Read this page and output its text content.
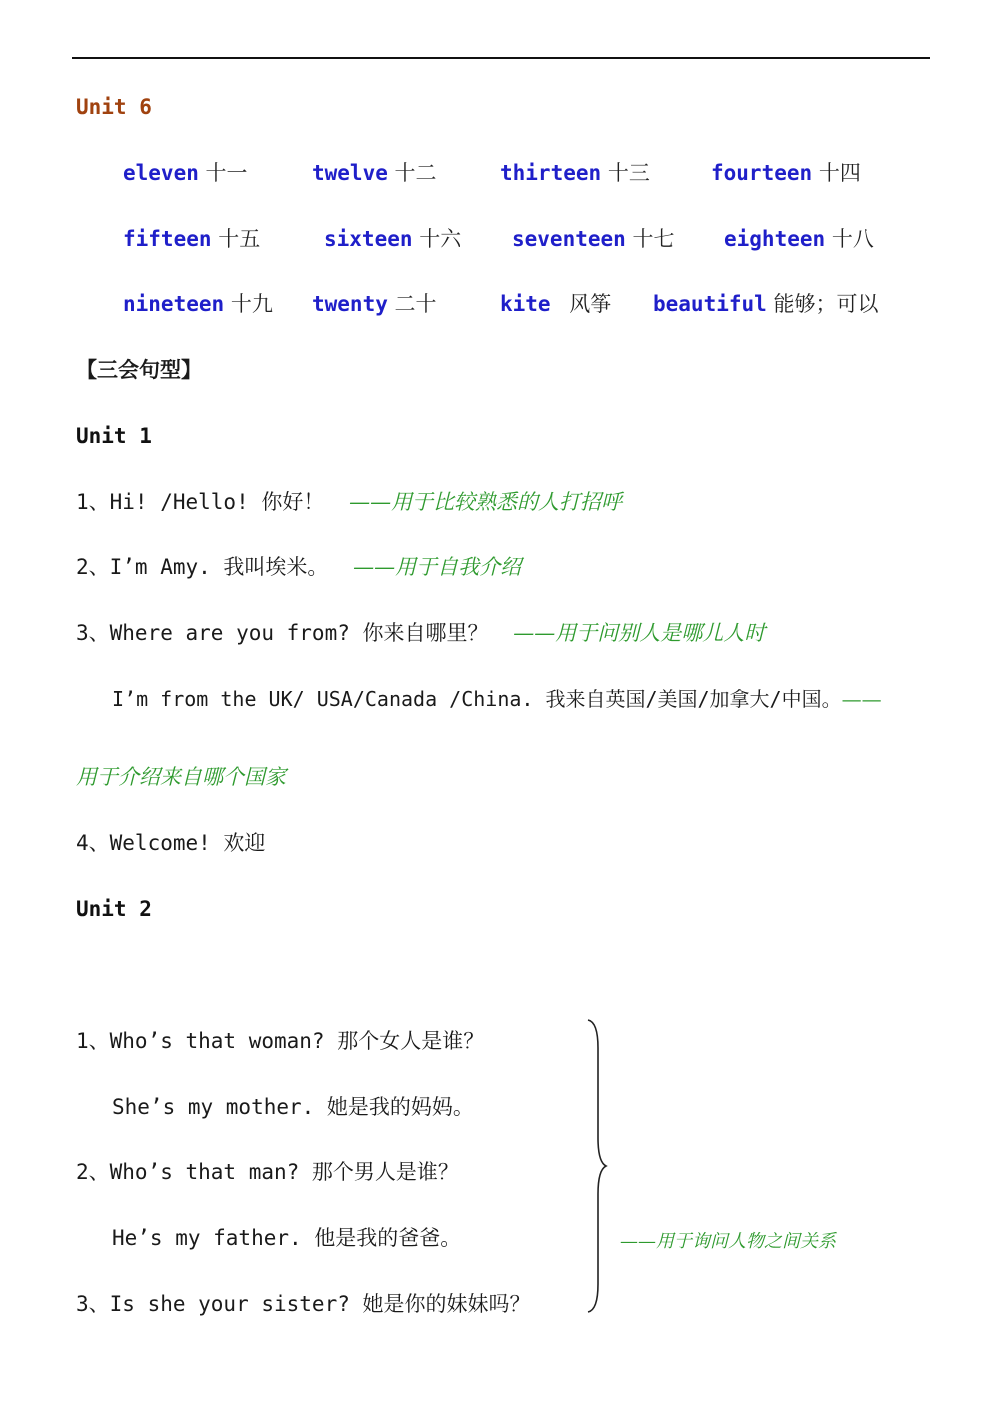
Unit 6
eleven 十一	twelve 十二	thirteen 十三	fourteen 十四
fifteen 十五	sixteen 十六 seventeen 十七 eighteen 十八
nineteen 十九 twenty 二十	kite 风筝 beautiful 能够；可以
【三会句型】
Unit 1
1、Hi! /Hello! 你好！ ——用于比较熟悉的人打招呼
2、I’m Amy. 我叫埃米。 ——用于自我介绍
3、Where are you from? 你来自哪里？ ——用于问别人是哪儿人时
I’m from the UK/ USA/Canada /China. 我来自英国/美国/加拿大/中国。——
用于介绍来自哪个国家
4、Welcome! 欢迎
Unit 2
1、Who’s that woman? 那个女人是谁？
She’s my mother. 她是我的妈妈。
2、Who’s that man? 那个男人是谁？
He’s my father. 他是我的爸爸。
3、Is she your sister? 她是你的妹妹吗？
——用于询问人物之间关系
